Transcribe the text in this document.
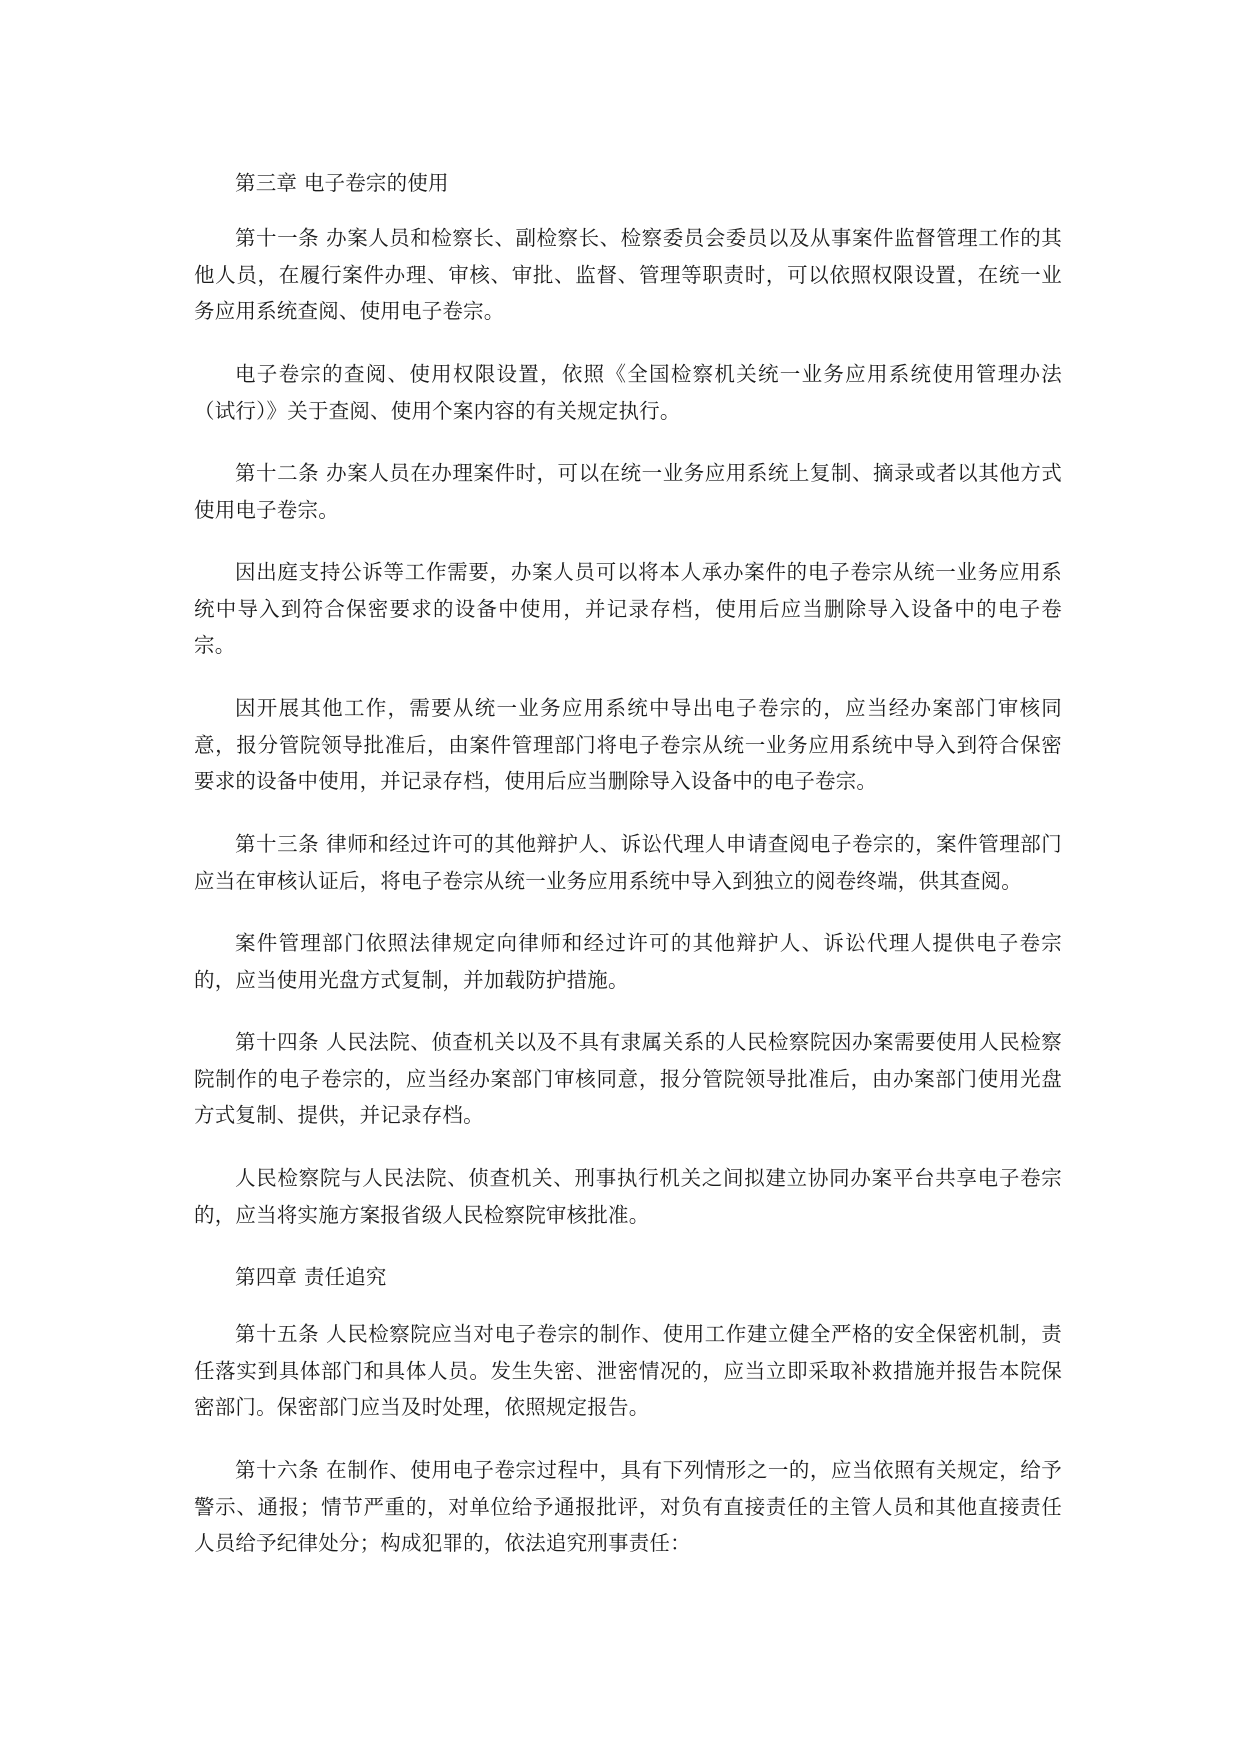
第三章 电子卷宗的使用

第十一条 办案人员和检察长、副检察长、检察委员会委员以及从事案件监督管理工作的其他人员，在履行案件办理、审核、审批、监督、管理等职责时，可以依照权限设置，在统一业务应用系统查阅、使用电子卷宗。

电子卷宗的查阅、使用权限设置，依照《全国检察机关统一业务应用系统使用管理办法（试行）》关于查阅、使用个案内容的有关规定执行。

第十二条 办案人员在办理案件时，可以在统一业务应用系统上复制、摘录或者以其他方式使用电子卷宗。

因出庭支持公诉等工作需要，办案人员可以将本人承办案件的电子卷宗从统一业务应用系统中导入到符合保密要求的设备中使用，并记录存档，使用后应当删除导入设备中的电子卷宗。

因开展其他工作，需要从统一业务应用系统中导出电子卷宗的，应当经办案部门审核同意，报分管院领导批准后，由案件管理部门将电子卷宗从统一业务应用系统中导入到符合保密要求的设备中使用，并记录存档，使用后应当删除导入设备中的电子卷宗。

第十三条 律师和经过许可的其他辩护人、诉讼代理人申请查阅电子卷宗的，案件管理部门应当在审核认证后，将电子卷宗从统一业务应用系统中导入到独立的阅卷终端，供其查阅。

案件管理部门依照法律规定向律师和经过许可的其他辩护人、诉讼代理人提供电子卷宗的，应当使用光盘方式复制，并加载防护措施。

第十四条 人民法院、侦查机关以及不具有隶属关系的人民检察院因办案需要使用人民检察院制作的电子卷宗的，应当经办案部门审核同意，报分管院领导批准后，由办案部门使用光盘方式复制、提供，并记录存档。

人民检察院与人民法院、侦查机关、刑事执行机关之间拟建立协同办案平台共享电子卷宗的，应当将实施方案报省级人民检察院审核批准。

第四章 责任追究

第十五条 人民检察院应当对电子卷宗的制作、使用工作建立健全严格的安全保密机制，责任落实到具体部门和具体人员。发生失密、泄密情况的，应当立即采取补救措施并报告本院保密部门。保密部门应当及时处理，依照规定报告。

第十六条 在制作、使用电子卷宗过程中，具有下列情形之一的，应当依照有关规定，给予警示、通报；情节严重的，对单位给予通报批评，对负有直接责任的主管人员和其他直接责任人员给予纪律处分；构成犯罪的，依法追究刑事责任：
